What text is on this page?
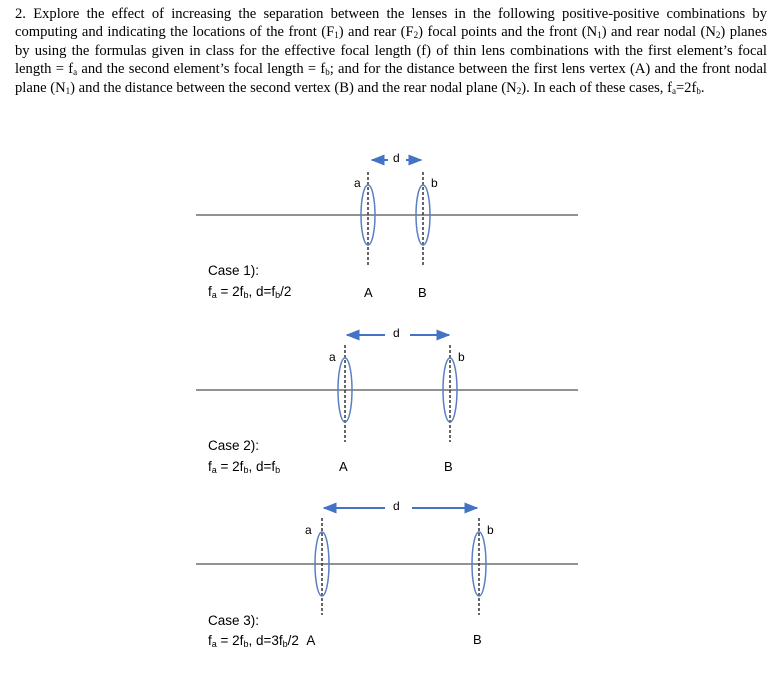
2. Explore the effect of increasing the separation between the lenses in the following positive-positive combinations by computing and indicating the locations of the front $(F_1)$ and rear $(F_2)$ focal points and the front $(N_1)$ and rear nodal $(N_2)$ planes by using the formulas given in class for the effective focal length (f) of thin lens combinations with the first element’s focal length = $f_a$ and the second element’s focal length = $f_b$; and for the distance between the first lens vertex (A) and the front nodal plane $(N_1)$ and the distance between the second vertex (B) and the rear nodal plane $(N_2)$. In each of these cases, $f_a=2f_b$.

d
a	b
A	B
Case 1):
$f_a = 2f_b$, $d=f_b/2$
d
a	b
A	B
Case 2):
$f_a = 2f_b$, $d=f_b$
d
a	b
B
Case 3):
$f_a = 2f_b$, $d=3f_b/2$ A
